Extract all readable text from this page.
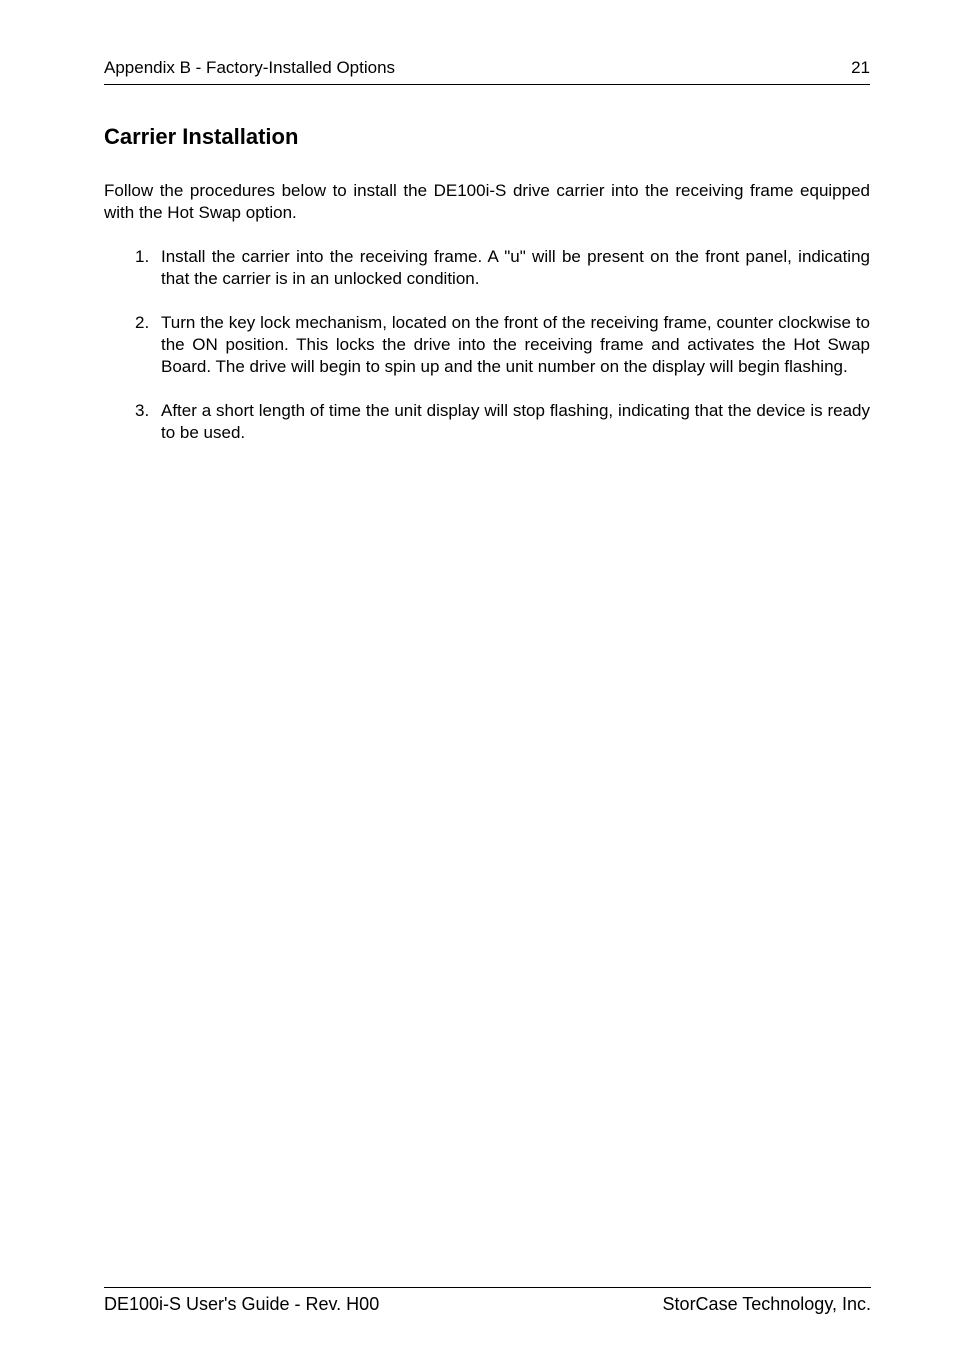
Appendix B - Factory-Installed Options	21
Carrier Installation

Follow the procedures below to install the DE100i-S drive carrier into the receiving frame equipped with the Hot Swap option.

1. Install the carrier into the receiving frame. A "u" will be present on the front panel, indicating that the carrier is in an unlocked condition.
2. Turn the key lock mechanism, located on the front of the receiving frame, counter clockwise to the ON position. This locks the drive into the receiving frame and activates the Hot Swap Board. The drive will begin to spin up and the unit number on the display will begin flashing.
3. After a short length of time the unit display will stop flashing, indicating that the device is ready to be used.
DE100i-S User's Guide - Rev. H00	StorCase Technology, Inc.
